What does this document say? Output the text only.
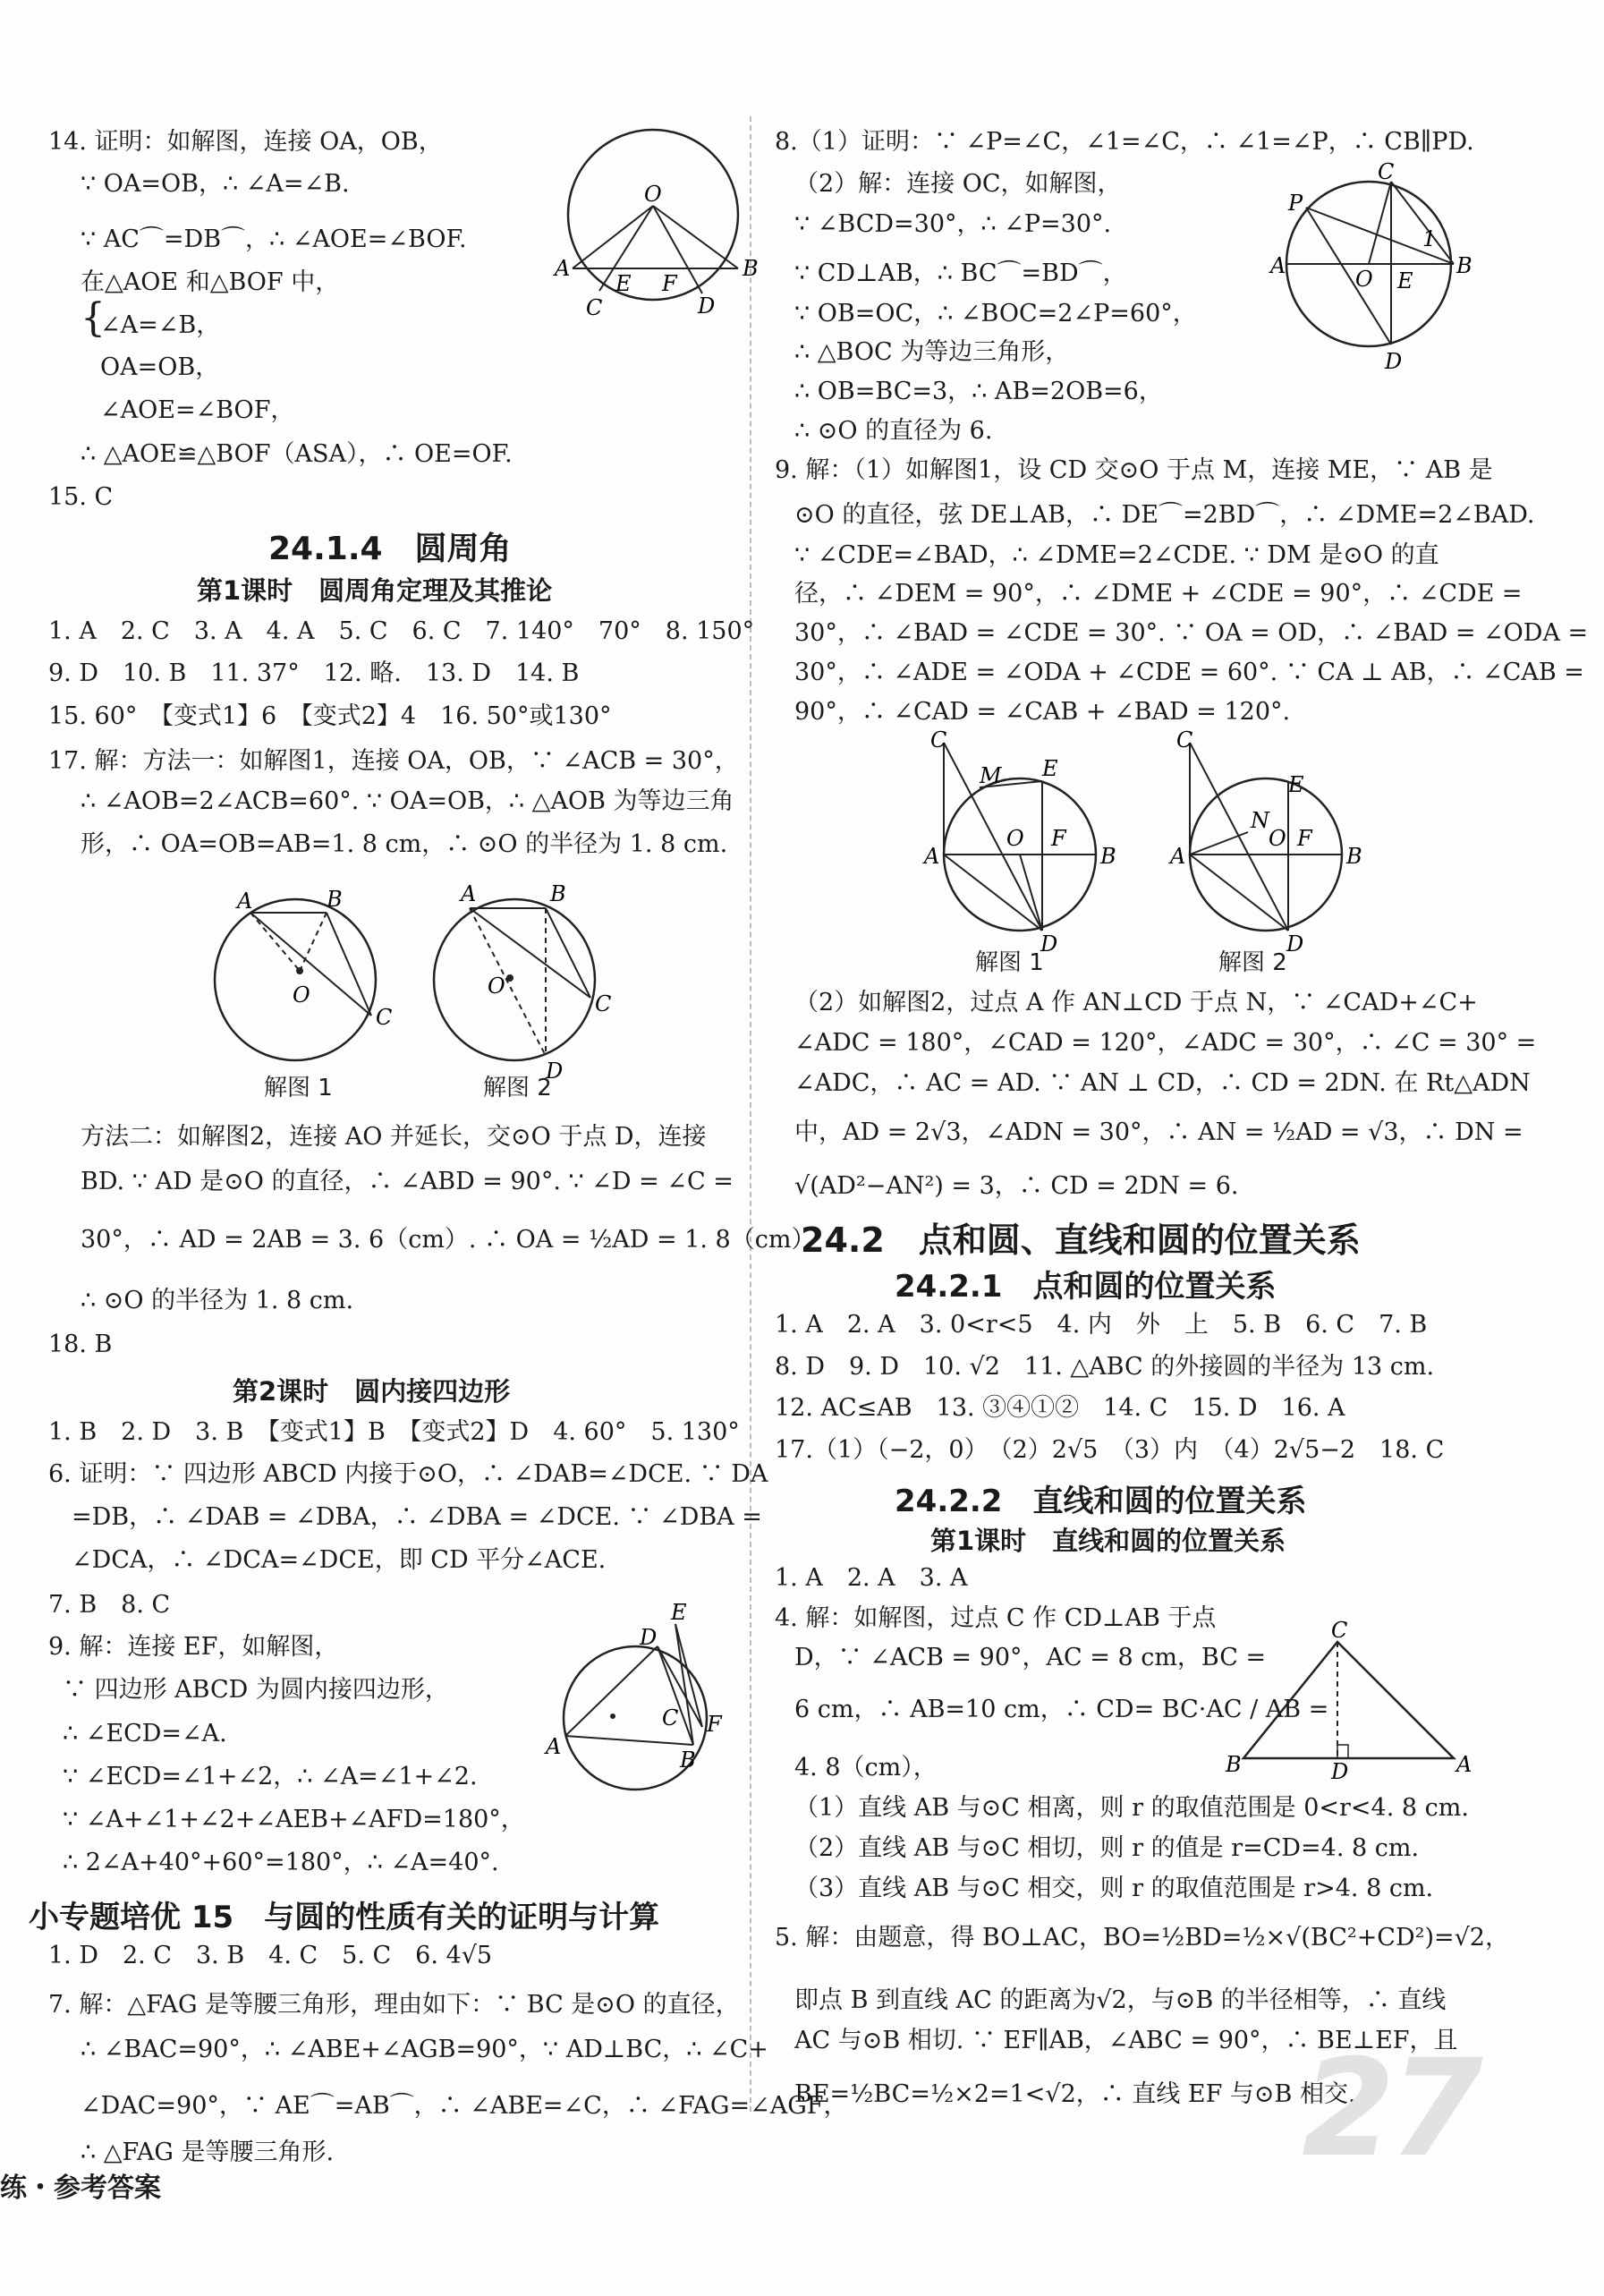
14. 证明：如解图，连接 OA，OB，
∵ OA=OB，∴ ∠A=∠B.
∵ AC⌒=DB⌒，∴ ∠AOE=∠BOF.
在△AOE 和△BOF 中，
{
∠A=∠B，
OA=OB，
∠AOE=∠BOF，
∴ △AOE≌△BOF（ASA），∴ OE=OF.
15. C
O
A	B
C	D
E F
24.1.4　圆周角
第1课时　圆周角定理及其推论
1. A　2. C　3. A　4. A　5. C　6. C　7. 140°　70°　8. 150°
9. D　10. B　11. 37°　12. 略.　13. D　14. B
15. 60°　【变式1】6　【变式2】4　16. 50°或130°
17. 解：方法一：如解图1，连接 OA，OB，∵ ∠ACB = 30°，
∴ ∠AOB=2∠ACB=60°. ∵ OA=OB，∴ △AOB 为等边三角
形，∴ OA=OB=AB=1. 8 cm，∴ ⊙O 的半径为 1. 8 cm.
A	B
O
C
A	B
O
C
D
解图 1	解图 2
方法二：如解图2，连接 AO 并延长，交⊙O 于点 D，连接
BD. ∵ AD 是⊙O 的直径，∴ ∠ABD = 90°. ∵ ∠D = ∠C =
30°，∴ AD = 2AB = 3. 6（cm）. ∴ OA = ½AD = 1. 8（cm），
∴ ⊙O 的半径为 1. 8 cm.
18. B
第2课时　圆内接四边形
1. B　2. D　3. B　【变式1】B　【变式2】D　4. 60°　5. 130°
6. 证明：∵ 四边形 ABCD 内接于⊙O，∴ ∠DAB=∠DCE. ∵ DA
=DB，∴ ∠DAB = ∠DBA，∴ ∠DBA = ∠DCE. ∵ ∠DBA =
∠DCA，∴ ∠DCA=∠DCE，即 CD 平分∠ACE.
7. B　8. C
9. 解：连接 EF，如解图，
∵ 四边形 ABCD 为圆内接四边形，
∴ ∠ECD=∠A.
∵ ∠ECD=∠1+∠2，∴ ∠A=∠1+∠2.
∵ ∠A+∠1+∠2+∠AEB+∠AFD=180°，
∴ 2∠A+40°+60°=180°，∴ ∠A=40°.
A
D
E
C
B
F
小专题培优 15　与圆的性质有关的证明与计算
1. D　2. C　3. B　4. C　5. C　6. 4√5
7. 解：△FAG 是等腰三角形，理由如下：∵ BC 是⊙O 的直径，
∴ ∠BAC=90°，∴ ∠ABE+∠AGB=90°，∵ AD⊥BC，∴ ∠C+
∠DAC=90°，∵ AE⌒=AB⌒，∴ ∠ABE=∠C，∴ ∠FAG=∠AGF，
∴ △FAG 是等腰三角形.
8.（1）证明：∵ ∠P=∠C，∠1=∠C，∴ ∠1=∠P，∴ CB∥PD.
（2）解：连接 OC，如解图，
∵ ∠BCD=30°，∴ ∠P=30°.
∵ CD⊥AB，∴ BC⌒=BD⌒，
∵ OB=OC，∴ ∠BOC=2∠P=60°，
∴ △BOC 为等边三角形，
∴ OB=BC=3，∴ AB=2OB=6，
∴ ⊙O 的直径为 6.
C
P
A	B
O E
D
1
9. 解：（1）如解图1，设 CD 交⊙O 于点 M，连接 ME，∵ AB 是
⊙O 的直径，弦 DE⊥AB，∴ DE⌒=2BD⌒，∴ ∠DME=2∠BAD.
∵ ∠CDE=∠BAD，∴ ∠DME=2∠CDE. ∵ DM 是⊙O 的直
径，∴ ∠DEM = 90°，∴ ∠DME + ∠CDE = 90°，∴ ∠CDE =
30°，∴ ∠BAD = ∠CDE = 30°. ∵ OA = OD，∴ ∠BAD = ∠ODA =
30°，∴ ∠ADE = ∠ODA + ∠CDE = 60°. ∵ CA ⊥ AB，∴ ∠CAB =
90°，∴ ∠CAD = ∠CAB + ∠BAD = 120°.
C
M E
A
O F
B
D
C
N
E
A
O F
B
D
解图 1	解图 2
（2）如解图2，过点 A 作 AN⊥CD 于点 N，∵ ∠CAD+∠C+
∠ADC = 180°，∠CAD = 120°，∠ADC = 30°，∴ ∠C = 30° =
∠ADC，∴ AC = AD. ∵ AN ⊥ CD，∴ CD = 2DN. 在 Rt△ADN
中，AD = 2√3，∠ADN = 30°，∴ AN = ½AD = √3，∴ DN =
√(AD²−AN²) = 3，∴ CD = 2DN = 6.
24.2　点和圆、直线和圆的位置关系
24.2.1　点和圆的位置关系
1. A　2. A　3. 0<r<5　4. 内　外　上　5. B　6. C　7. B
8. D　9. D　10. √2　11. △ABC 的外接圆的半径为 13 cm.
12. AC≤AB　13. ③④①②　14. C　15. D　16. A
17.（1）（−2，0）　（2）2√5　（3）内　（4）2√5−2　18. C
24.2.2　直线和圆的位置关系
第1课时　直线和圆的位置关系
1. A　2. A　3. A
4. 解：如解图，过点 C 作 CD⊥AB 于点
D，∵ ∠ACB = 90°，AC = 8 cm，BC =
6 cm，∴ AB=10 cm，∴ CD= BC·AC / AB =
4. 8（cm），
（1）直线 AB 与⊙C 相离，则 r 的取值范围是 0<r<4. 8 cm.
（2）直线 AB 与⊙C 相切，则 r 的值是 r=CD=4. 8 cm.
（3）直线 AB 与⊙C 相交，则 r 的取值范围是 r>4. 8 cm.
C
B	D	A
5. 解：由题意，得 BO⊥AC，BO=½BD=½×√(BC²+CD²)=√2，
即点 B 到直线 AC 的距离为√2，与⊙B 的半径相等，∴ 直线
AC 与⊙B 相切. ∵ EF∥AB，∠ABC = 90°，∴ BE⊥EF，且
BE=½BC=½×2=1<√2，∴ 直线 EF 与⊙B 相交.
27
练・参考答案
